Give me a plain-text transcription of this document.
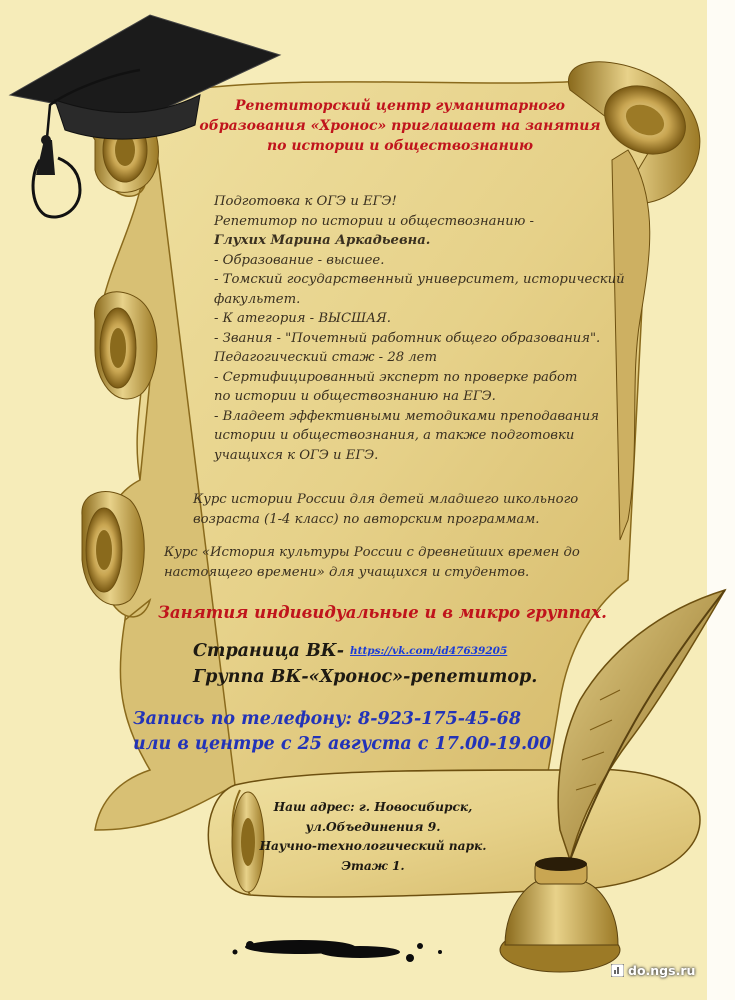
Репетиторский центр гуманитарного
образования «Хронос» приглашает на занятия
по истории и обществознанию
Подготовка к ОГЭ и ЕГЭ!
Репетитор по истории и обществознанию -
Глухих Марина Аркадьевна.
- Образование - высшее.
- Томский государственный университет, исторический
факультет.
- К атегория - ВЫСШАЯ.
- Звания - "Почетный работник общего образования".
Педагогический стаж - 28 лет
- Сертифицированный эксперт по проверке работ
по истории и обществознанию на ЕГЭ.
- Владеет эффективными методиками преподавания
истории и обществознания, а также подготовки
учащихся к ОГЭ и ЕГЭ.
Курс истории России для детей младшего школьного
возраста (1-4 класс) по авторским программам.
Курс «История культуры России с древнейших времен до
настоящего времени» для учащихся и студентов.
Занятия индивидуальные и в микро группах.
Страница ВК- https://vk.com/id47639205
Группа ВК-«Хронос»-репетитор.
Запись по телефону: 8-923-175-45-68
или в центре с 25 августа с 17.00-19.00
Наш адрес: г. Новосибирск,
ул.Объединения 9.
Научно-технологический парк.
Этаж 1.
do.ngs.ru
